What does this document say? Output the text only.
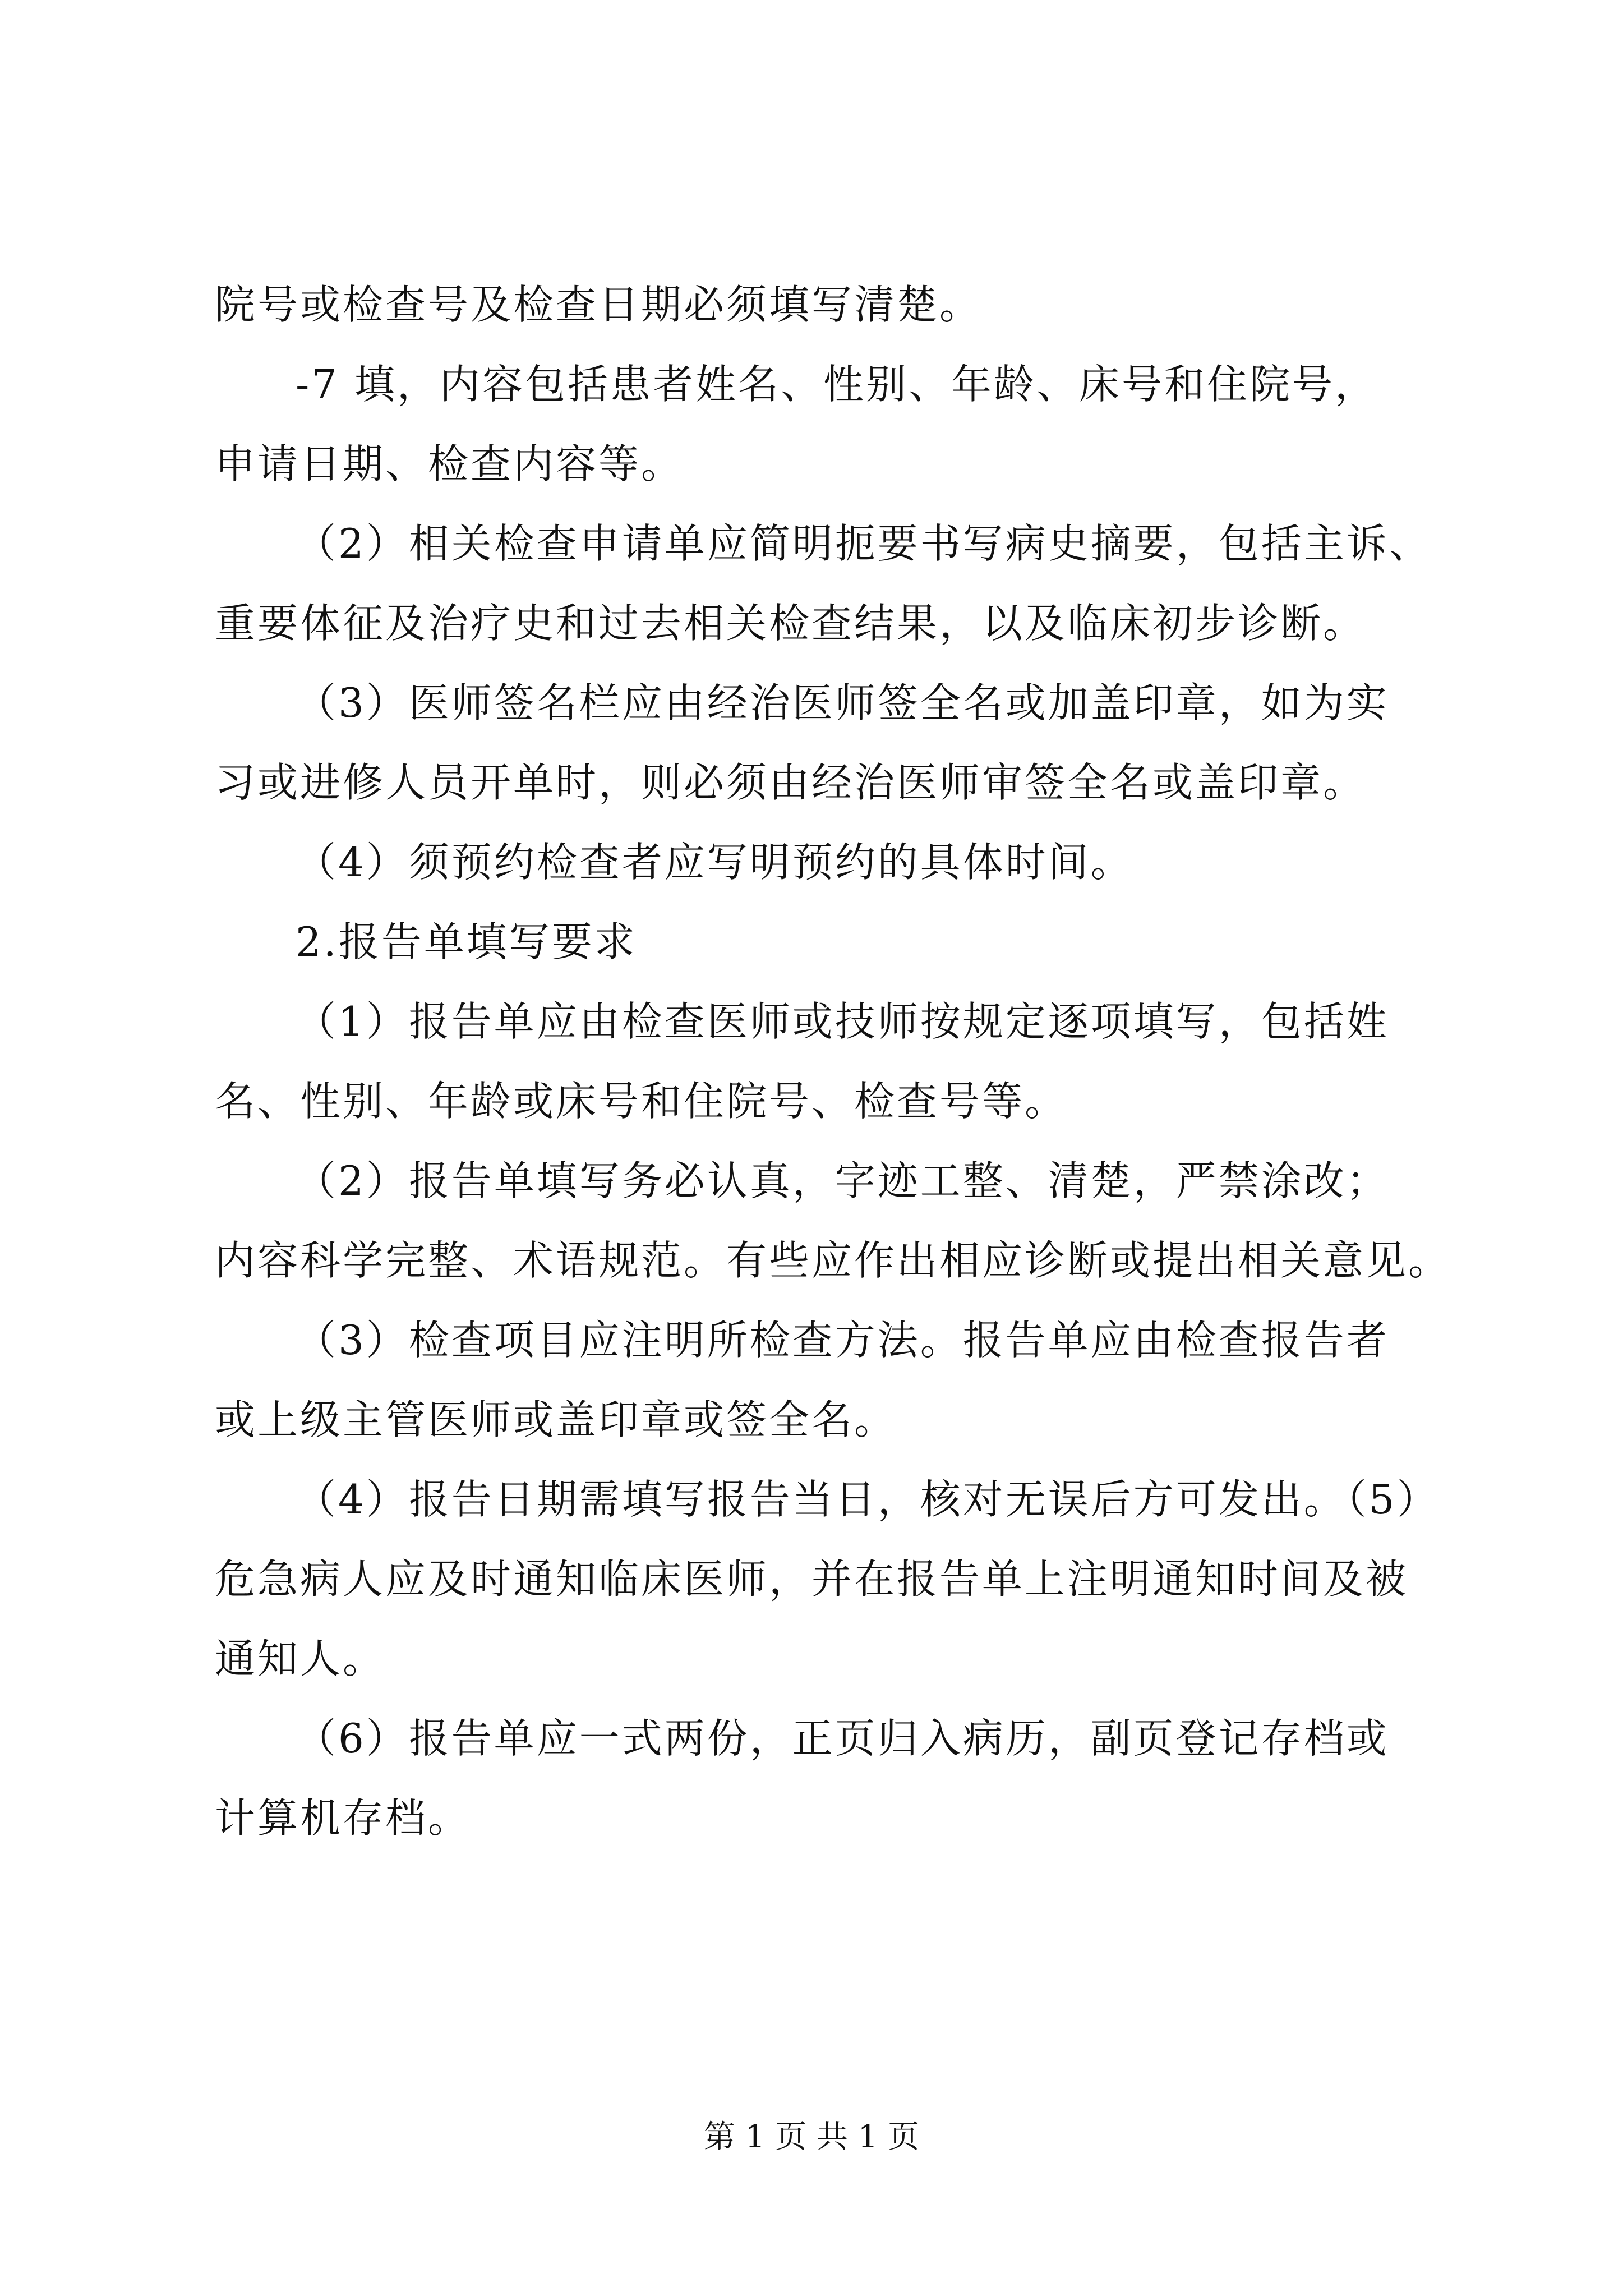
院号或检查号及检查日期必须填写清楚。
-7 填，内容包括患者姓名、性别、年龄、床号和住院号，
申请日期、检查内容等。
（2）相关检查申请单应简明扼要书写病史摘要，包括主诉、
重要体征及治疗史和过去相关检查结果，以及临床初步诊断。
（3）医师签名栏应由经治医师签全名或加盖印章，如为实
习或进修人员开单时，则必须由经治医师审签全名或盖印章。
（4）须预约检查者应写明预约的具体时间。
2.报告单填写要求
（1）报告单应由检查医师或技师按规定逐项填写，包括姓
名、性别、年龄或床号和住院号、检查号等。
（2）报告单填写务必认真，字迹工整、清楚，严禁涂改；
内容科学完整、术语规范。有些应作出相应诊断或提出相关意见。
（3）检查项目应注明所检查方法。报告单应由检查报告者
或上级主管医师或盖印章或签全名。
（4）报告日期需填写报告当日，核对无误后方可发出。（5）
危急病人应及时通知临床医师，并在报告单上注明通知时间及被
通知人。
（6）报告单应一式两份，正页归入病历，副页登记存档或
计算机存档。
第 1 页 共 1 页
